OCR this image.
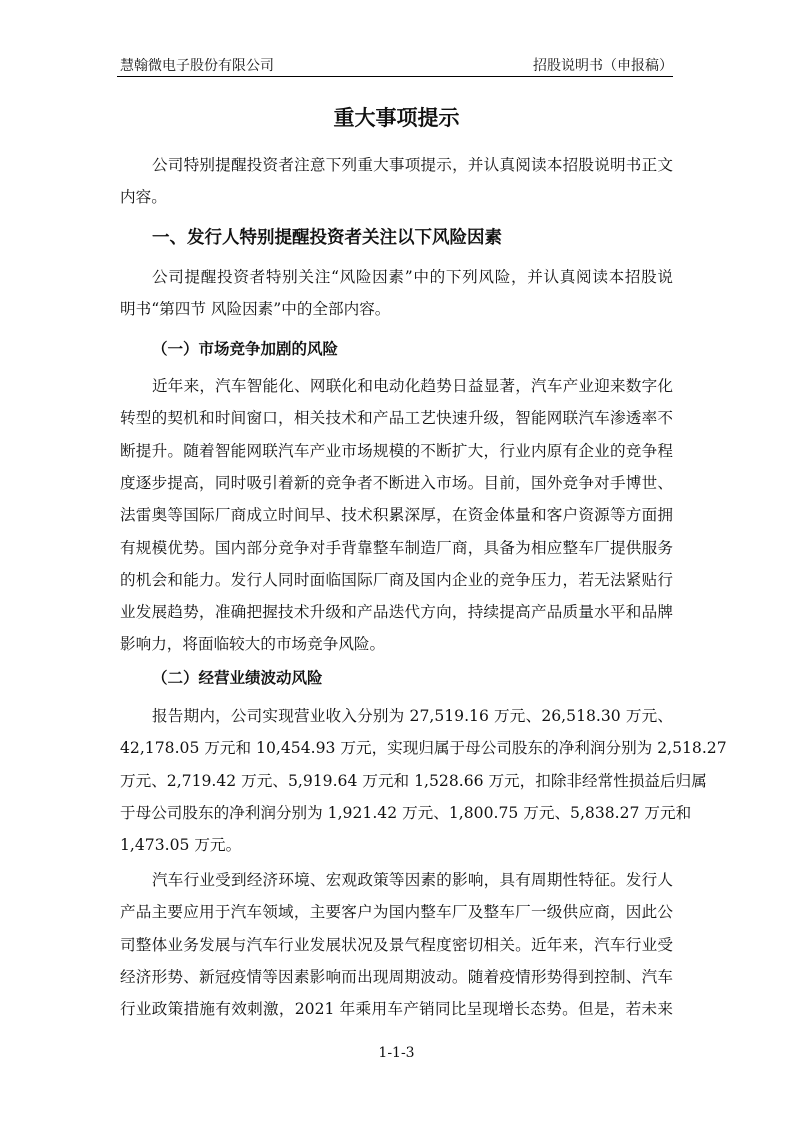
慧翰微电子股份有限公司	招股说明书（申报稿）
重大事项提示
一、发行人特别提醒投资者关注以下风险因素
（一）市场竞争加剧的风险
（二）经营业绩波动风险
公司特别提醒投资者注意下列重大事项提示，并认真阅读本招股说明书正文
内容。
公司提醒投资者特别关注“风险因素”中的下列风险，并认真阅读本招股说
明书“第四节 风险因素”中的全部内容。
近年来，汽车智能化、网联化和电动化趋势日益显著，汽车产业迎来数字化
转型的契机和时间窗口，相关技术和产品工艺快速升级，智能网联汽车渗透率不
断提升。随着智能网联汽车产业市场规模的不断扩大，行业内原有企业的竞争程
度逐步提高，同时吸引着新的竞争者不断进入市场。目前，国外竞争对手博世、
法雷奥等国际厂商成立时间早、技术积累深厚，在资金体量和客户资源等方面拥
有规模优势。国内部分竞争对手背靠整车制造厂商，具备为相应整车厂提供服务
的机会和能力。发行人同时面临国际厂商及国内企业的竞争压力，若无法紧贴行
业发展趋势，准确把握技术升级和产品迭代方向，持续提高产品质量水平和品牌
影响力，将面临较大的市场竞争风险。
报告期内，公司实现营业收入分别为 27,519.16 万元、26,518.30 万元、
42,178.05 万元和 10,454.93 万元，实现归属于母公司股东的净利润分别为 2,518.27
万元、2,719.42 万元、5,919.64 万元和 1,528.66 万元，扣除非经常性损益后归属
于母公司股东的净利润分别为 1,921.42 万元、1,800.75 万元、5,838.27 万元和
1,473.05 万元。
汽车行业受到经济环境、宏观政策等因素的影响，具有周期性特征。发行人
产品主要应用于汽车领域，主要客户为国内整车厂及整车厂一级供应商，因此公
司整体业务发展与汽车行业发展状况及景气程度密切相关。近年来，汽车行业受
经济形势、新冠疫情等因素影响而出现周期波动。随着疫情形势得到控制、汽车
行业政策措施有效刺激，2021 年乘用车产销同比呈现增长态势。但是，若未来
1-1-3
